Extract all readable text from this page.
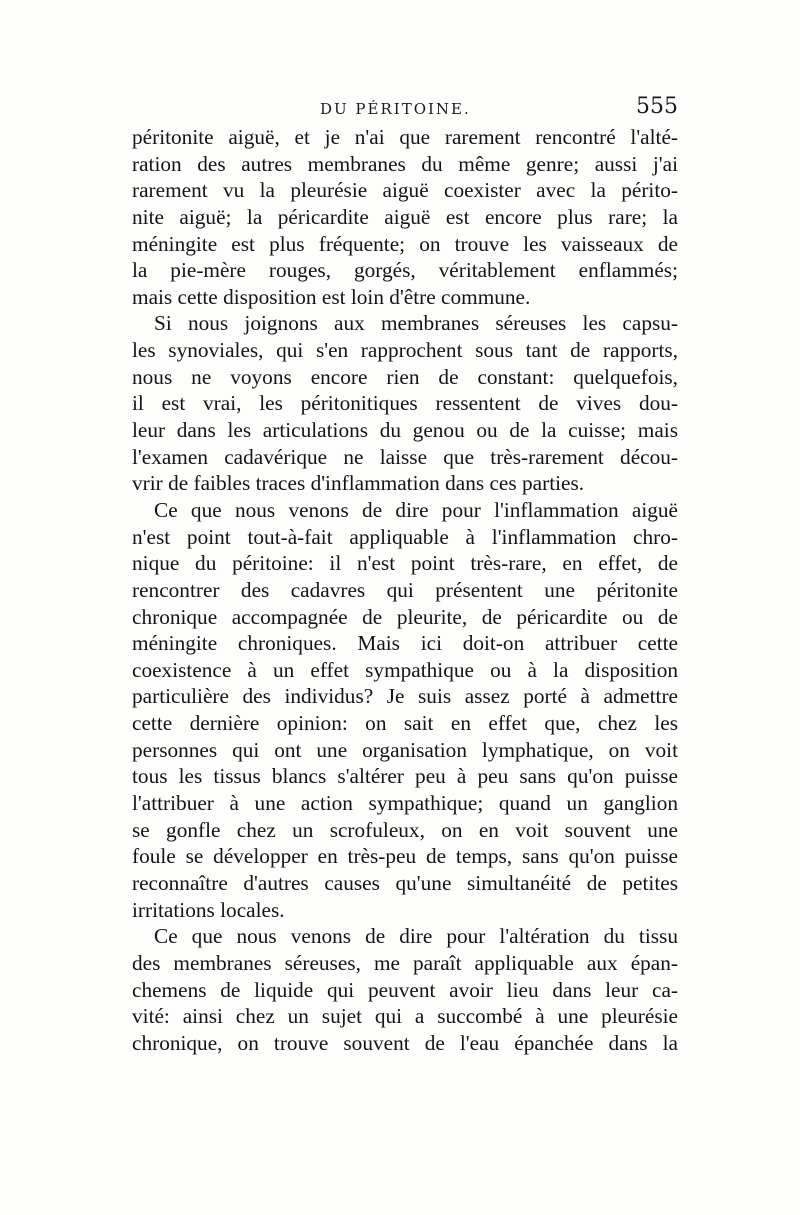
DU PÉRITOINE.	555
péritonite aiguë, et je n'ai que rarement rencontré l'alté-
ration des autres membranes du même genre; aussi j'ai
rarement vu la pleurésie aiguë coexister avec la périto-
nite aiguë; la péricardite aiguë est encore plus rare; la
méningite est plus fréquente; on trouve les vaisseaux de
la pie-mère rouges, gorgés, véritablement enflammés;
mais cette disposition est loin d'être commune.
Si nous joignons aux membranes séreuses les capsu-
les synoviales, qui s'en rapprochent sous tant de rapports,
nous ne voyons encore rien de constant: quelquefois,
il est vrai, les péritonitiques ressentent de vives dou-
leur dans les articulations du genou ou de la cuisse; mais
l'examen cadavérique ne laisse que très-rarement décou-
vrir de faibles traces d'inflammation dans ces parties.
Ce que nous venons de dire pour l'inflammation aiguë
n'est point tout-à-fait appliquable à l'inflammation chro-
nique du péritoine: il n'est point très-rare, en effet, de
rencontrer des cadavres qui présentent une péritonite
chronique accompagnée de pleurite, de péricardite ou de
méningite chroniques. Mais ici doit-on attribuer cette
coexistence à un effet sympathique ou à la disposition
particulière des individus? Je suis assez porté à admettre
cette dernière opinion: on sait en effet que, chez les
personnes qui ont une organisation lymphatique, on voit
tous les tissus blancs s'altérer peu à peu sans qu'on puisse
l'attribuer à une action sympathique; quand un ganglion
se gonfle chez un scrofuleux, on en voit souvent une
foule se développer en très-peu de temps, sans qu'on puisse
reconnaître d'autres causes qu'une simultanéité de petites
irritations locales.
Ce que nous venons de dire pour l'altération du tissu
des membranes séreuses, me paraît appliquable aux épan-
chemens de liquide qui peuvent avoir lieu dans leur ca-
vité: ainsi chez un sujet qui a succombé à une pleurésie
chronique, on trouve souvent de l'eau épanchée dans la
